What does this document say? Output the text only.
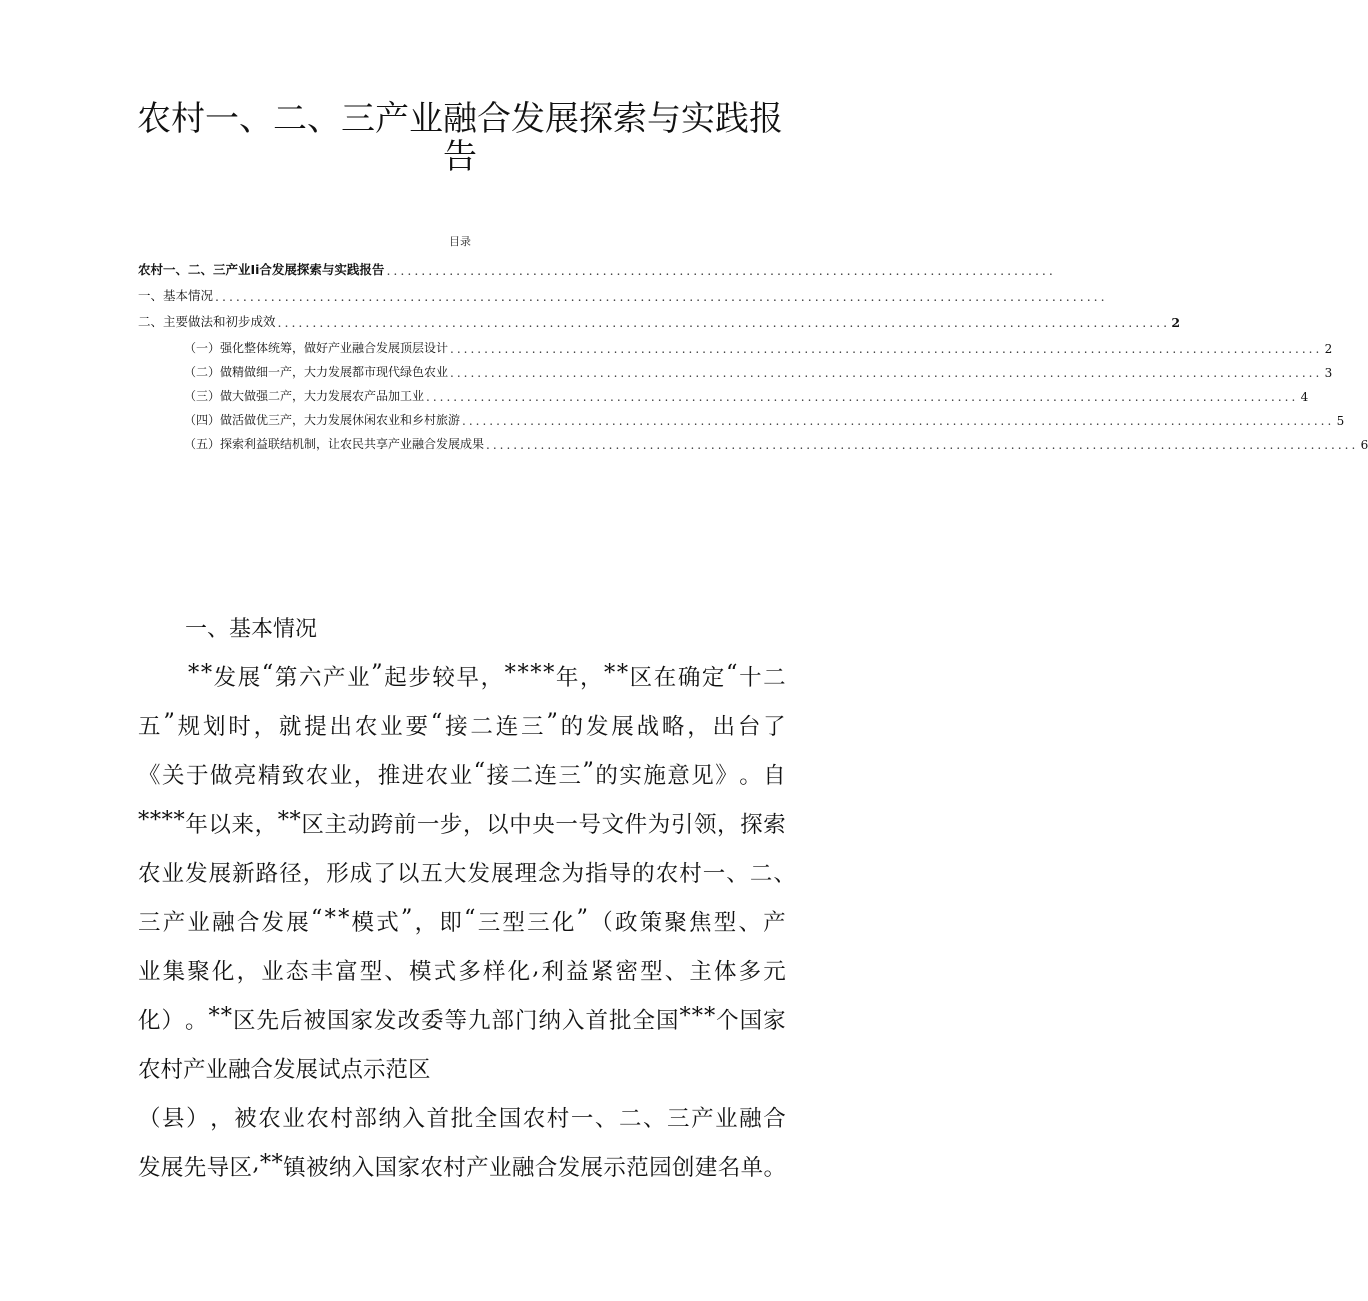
农村一、二、三产业融合发展探索与实践报
告
目录
农村一、二、三产业Ii合发展探索与实践报告 ................................................................................................
一、基本情况 ................................................................................................................................
二、主要做法和初步成效 ................................................................................................................................ 2
（一）强化整体统筹，做好产业融合发展顶层设计 ................................................................................................................................ 2
（二）做精做细一产，大力发展都市现代绿色农业 ................................................................................................................................ 3
（三）做大做强二产，大力发展农产品加工业 ................................................................................................................................ 4
（四）做活做优三产，大力发展休闲农业和乡村旅游 ................................................................................................................................ 5
（五）探索利益联结机制，让农民共享产业融合发展成果 ................................................................................................................................ 6
一、基本情况
* * 发 展 “ 第 六 产 业 ” 起 步 较 早 ， * * * * 年 ， * * 区 在 确 定 “ 十 二
五 ” 规 划 时 ， 就 提 出 农 业 要 “ 接 二 连 三 ” 的 发 展 战 略 ， 出 台 了
《 关 于 做 亮 精 致 农 业 ， 推 进 农 业 “ 接 二 连 三 ” 的 实 施 意 见 》 。 自
* * * * 年 以 来 ， * * 区 主 动 跨 前 一 步 ， 以 中 央 一 号 文 件 为 引 领 ， 探 索
农 业 发 展 新 路 径 ， 形 成 了 以 五 大 发 展 理 念 为 指 导 的 农 村 一 、 二 、
三 产 业 融 合 发 展 “ * * 模 式 ” ， 即 “ 三 型 三 化 ” （ 政 策 聚 焦 型 、 产
业 集 聚 化 ， 业 态 丰 富 型 、 模 式 多 样 化 , 利 益 紧 密 型 、 主 体 多 元
化 ） 。 * * 区 先 后 被 国 家 发 改 委 等 九 部 门 纳 入 首 批 全 国 * * * 个 国 家
农村产业融合发展试点示范区
（ 县 ） ， 被 农 业 农 村 部 纳 入 首 批 全 国 农 村 一 、 二 、 三 产 业 融 合
发 展 先 导 区 , * * 镇 被 纳 入 国 家 农 村 产 业 融 合 发 展 示 范 园 创 建 名 单 。
